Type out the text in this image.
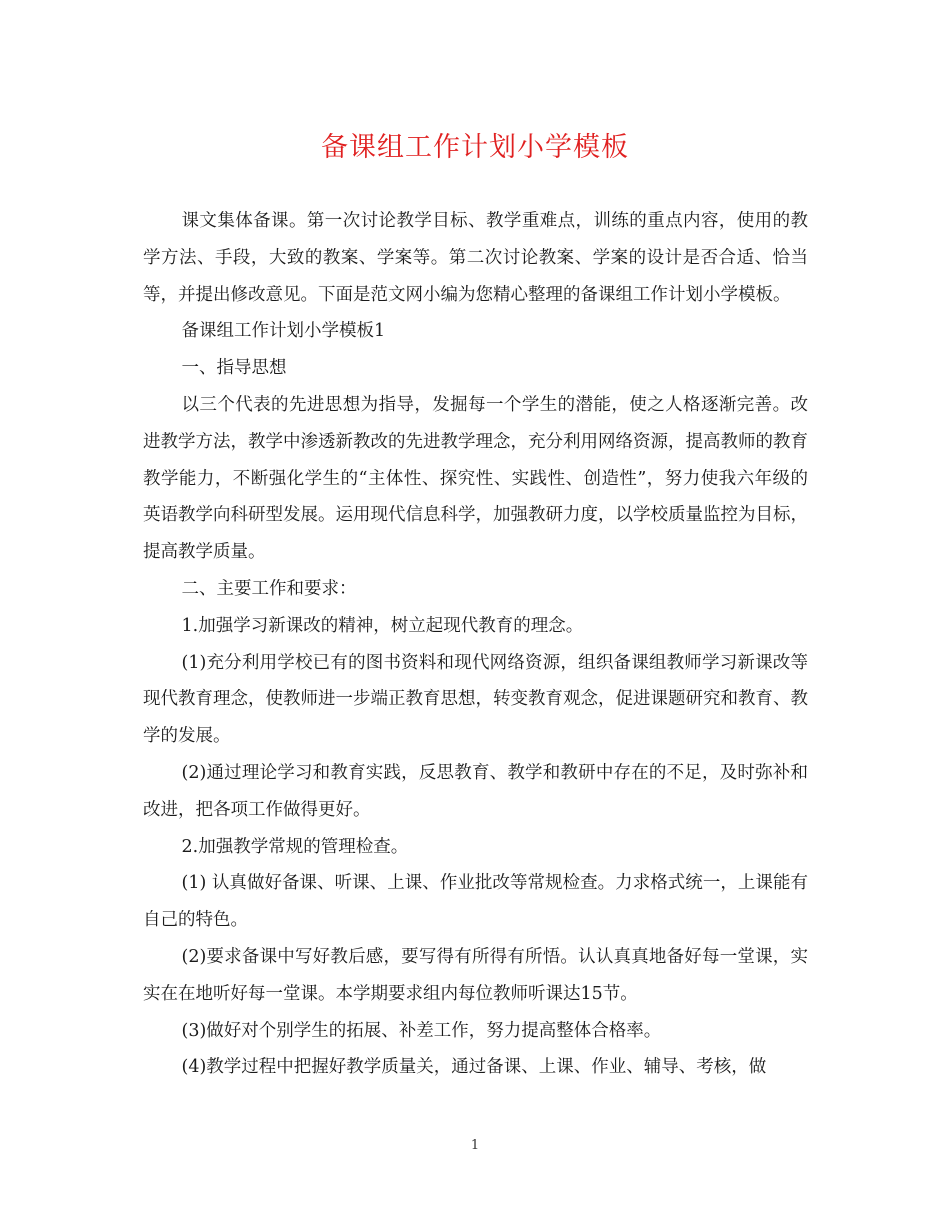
备课组工作计划小学模板

课文集体备课。第一次讨论教学目标、教学重难点，训练的重点内容，使用的教学方法、手段，大致的教案、学案等。第二次讨论教案、学案的设计是否合适、恰当等，并提出修改意见。下面是范文网小编为您精心整理的备课组工作计划小学模板。

备课组工作计划小学模板1

一、指导思想

以三个代表的先进思想为指导，发掘每一个学生的潜能，使之人格逐渐完善。改进教学方法，教学中渗透新教改的先进教学理念，充分利用网络资源，提高教师的教育教学能力，不断强化学生的“主体性、探究性、实践性、创造性”，努力使我六年级的英语教学向科研型发展。运用现代信息科学，加强教研力度，以学校质量监控为目标，提高教学质量。

二、主要工作和要求：

1.加强学习新课改的精神，树立起现代教育的理念。

(1)充分利用学校已有的图书资料和现代网络资源，组织备课组教师学习新课改等现代教育理念，使教师进一步端正教育思想，转变教育观念，促进课题研究和教育、教学的发展。

(2)通过理论学习和教育实践，反思教育、教学和教研中存在的不足，及时弥补和改进，把各项工作做得更好。

2.加强教学常规的管理检查。

(1) 认真做好备课、听课、上课、作业批改等常规检查。力求格式统一，上课能有自己的特色。

(2)要求备课中写好教后感，要写得有所得有所悟。认认真真地备好每一堂课，实实在在地听好每一堂课。本学期要求组内每位教师听课达15节。

(3)做好对个别学生的拓展、补差工作，努力提高整体合格率。

(4)教学过程中把握好教学质量关，通过备课、上课、作业、辅导、考核，做

1
